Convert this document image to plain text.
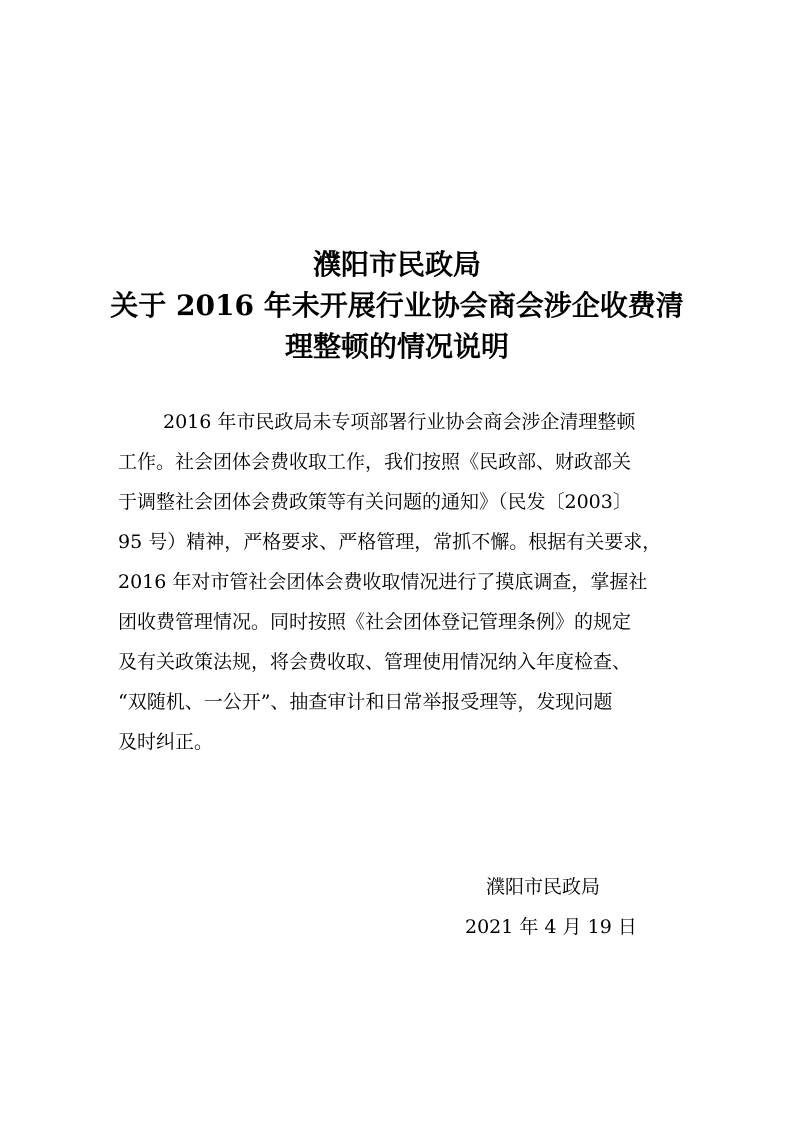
濮阳市民政局
关于 2016 年未开展行业协会商会涉企收费清
理整顿的情况说明
2016 年市民政局未专项部署行业协会商会涉企清理整顿
工作。社会团体会费收取工作，我们按照《民政部、财政部关
于调整社会团体会费政策等有关问题的通知》（民发〔2003〕
95 号）精神，严格要求、严格管理，常抓不懈。根据有关要求，
2016 年对市管社会团体会费收取情况进行了摸底调查，掌握社
团收费管理情况。同时按照《社会团体登记管理条例》的规定
及有关政策法规，将会费收取、管理使用情况纳入年度检查、
“双随机、一公开”、抽查审计和日常举报受理等，发现问题
及时纠正。
濮阳市民政局
2021 年 4 月 19 日
